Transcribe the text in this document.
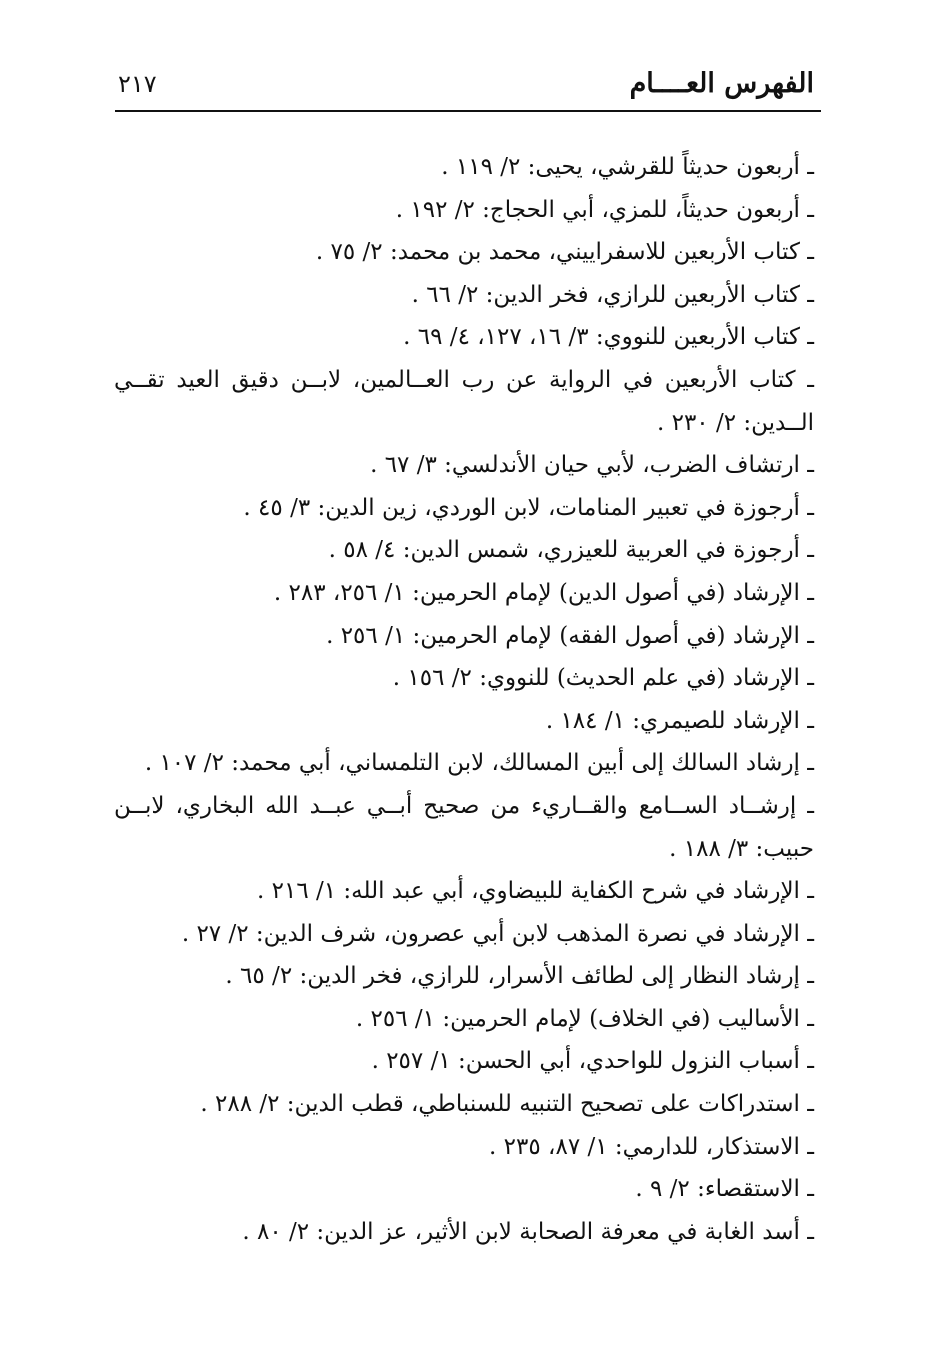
الفهرس العــــام
٢١٧
ـ أربعون حديثاً للقرشي، يحيى: ٢/ ١١٩ .
ـ أربعون حديثاً، للمزي، أبي الحجاج: ٢/ ١٩٢ .
ـ كتاب الأربعين للاسفراييني، محمد بن محمد: ٢/ ٧٥ .
ـ كتاب الأربعين للرازي، فخر الدين: ٢/ ٦٦ .
ـ كتاب الأربعين للنووي: ٣/ ١٦، ١٢٧، ٤/ ٦٩ .
ـ كتاب الأربعين في الرواية عن رب العــالمين، لابــن دقيق العيد تقــي الــدين: ٢/ ٢٣٠ .
ـ ارتشاف الضرب، لأبي حيان الأندلسي: ٣/ ٦٧ .
ـ أرجوزة في تعبير المنامات، لابن الوردي، زين الدين: ٣/ ٤٥ .
ـ أرجوزة في العربية للعيزري، شمس الدين: ٤/ ٥٨ .
ـ الإرشاد (في أصول الدين) لإمام الحرمين: ١/ ٢٥٦، ٢٨٣ .
ـ الإرشاد (في أصول الفقه) لإمام الحرمين: ١/ ٢٥٦ .
ـ الإرشاد (في علم الحديث) للنووي: ٢/ ١٥٦ .
ـ الإرشاد للصيمري: ١/ ١٨٤ .
ـ إرشاد السالك إلى أبين المسالك، لابن التلمساني، أبي محمد: ٢/ ١٠٧ .
ـ إرشــاد الســامع والقــاريء من صحيح أبــي عبــد الله البخاري، لابــن حبيب: ٣/ ١٨٨ .
ـ الإرشاد في شرح الكفاية للبيضاوي، أبي عبد الله: ١/ ٢١٦ .
ـ الإرشاد في نصرة المذهب لابن أبي عصرون، شرف الدين: ٢/ ٢٧ .
ـ إرشاد النظار إلى لطائف الأسرار، للرازي، فخر الدين: ٢/ ٦٥ .
ـ الأساليب (في الخلاف) لإمام الحرمين: ١/ ٢٥٦ .
ـ أسباب النزول للواحدي، أبي الحسن: ١/ ٢٥٧ .
ـ استدراكات على تصحيح التنبيه للسنباطي، قطب الدين: ٢/ ٢٨٨ .
ـ الاستذكار، للدارمي: ١/ ٨٧، ٢٣٥ .
ـ الاستقصاء: ٢/ ٩ .
ـ أسد الغابة في معرفة الصحابة لابن الأثير، عز الدين: ٢/ ٨٠ .
